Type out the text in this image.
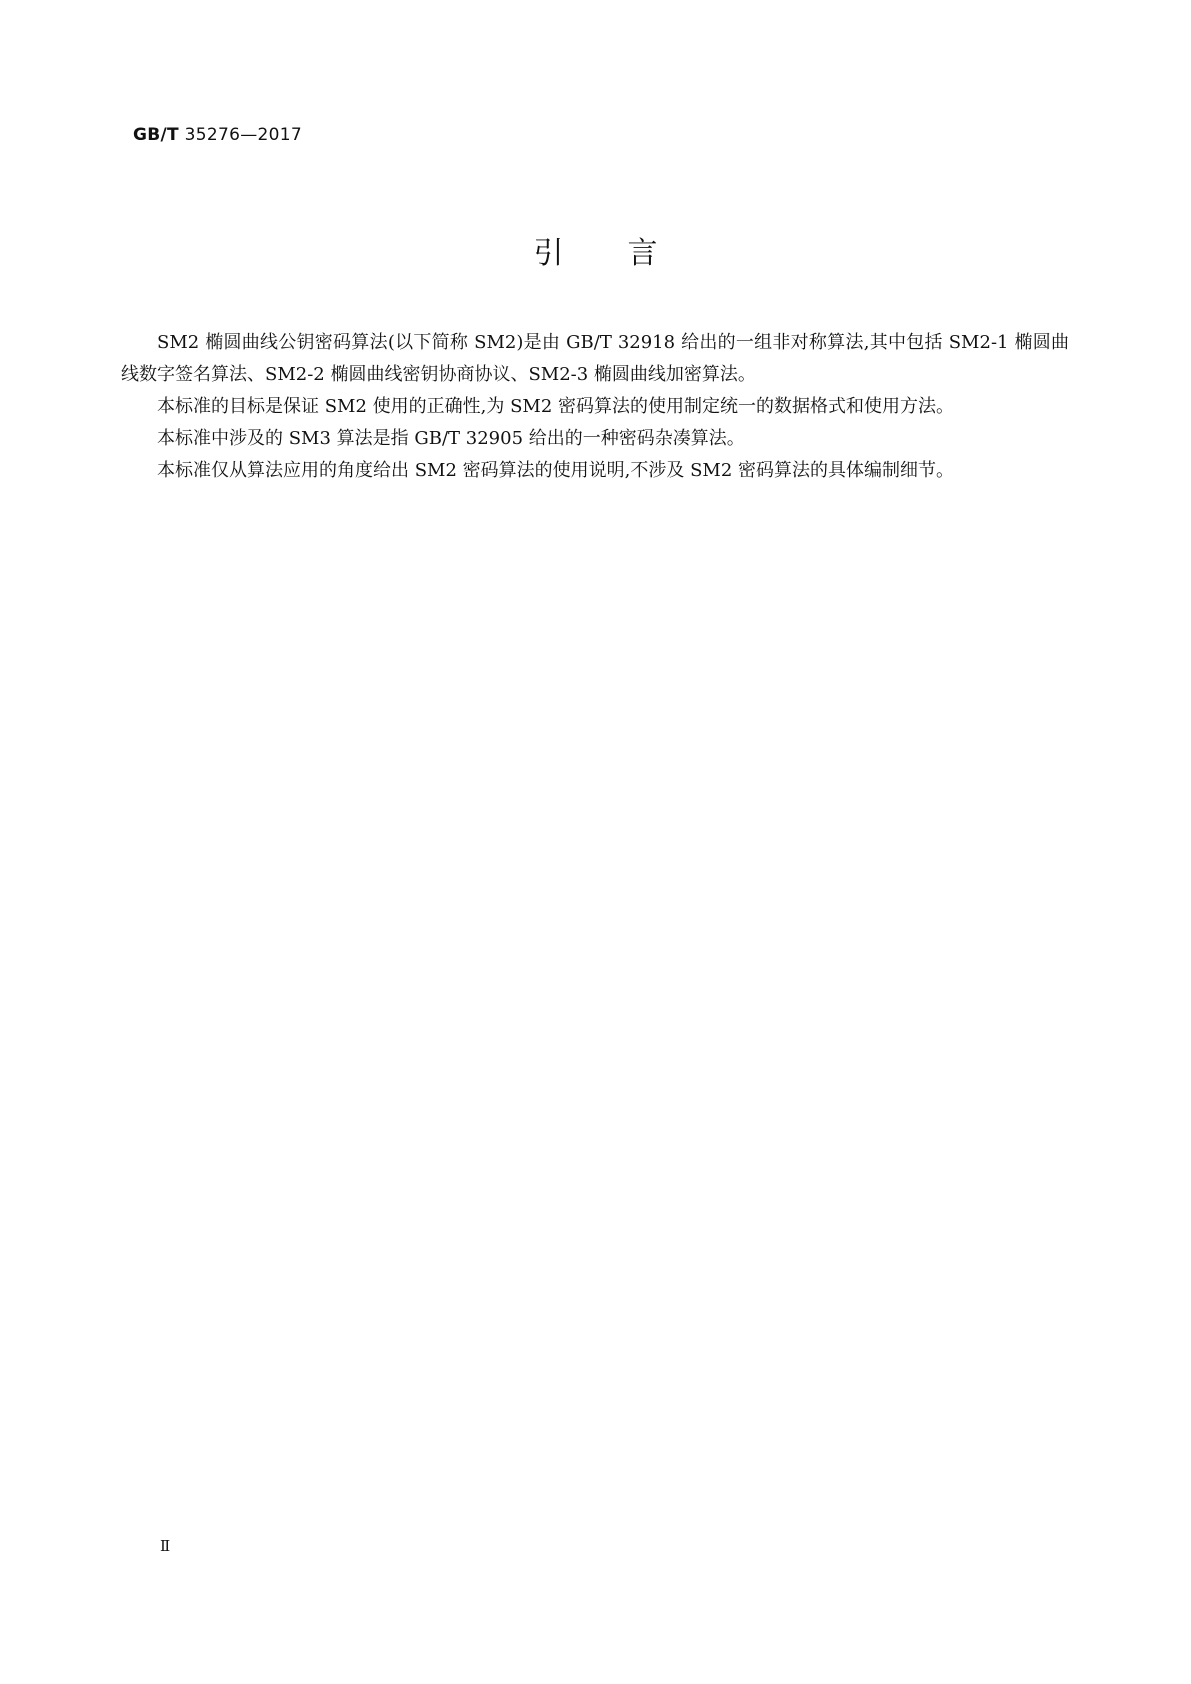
GB/T 35276—2017
引言

SM2 椭圆曲线公钥密码算法(以下简称 SM2)是由 GB/T 32918 给出的一组非对称算法,其中包括 SM2-1 椭圆曲线数字签名算法、SM2-2 椭圆曲线密钥协商协议、SM2-3 椭圆曲线加密算法。

本标准的目标是保证 SM2 使用的正确性,为 SM2 密码算法的使用制定统一的数据格式和使用方法。

本标准中涉及的 SM3 算法是指 GB/T 32905 给出的一种密码杂凑算法。

本标准仅从算法应用的角度给出 SM2 密码算法的使用说明,不涉及 SM2 密码算法的具体编制细节。

Ⅱ
